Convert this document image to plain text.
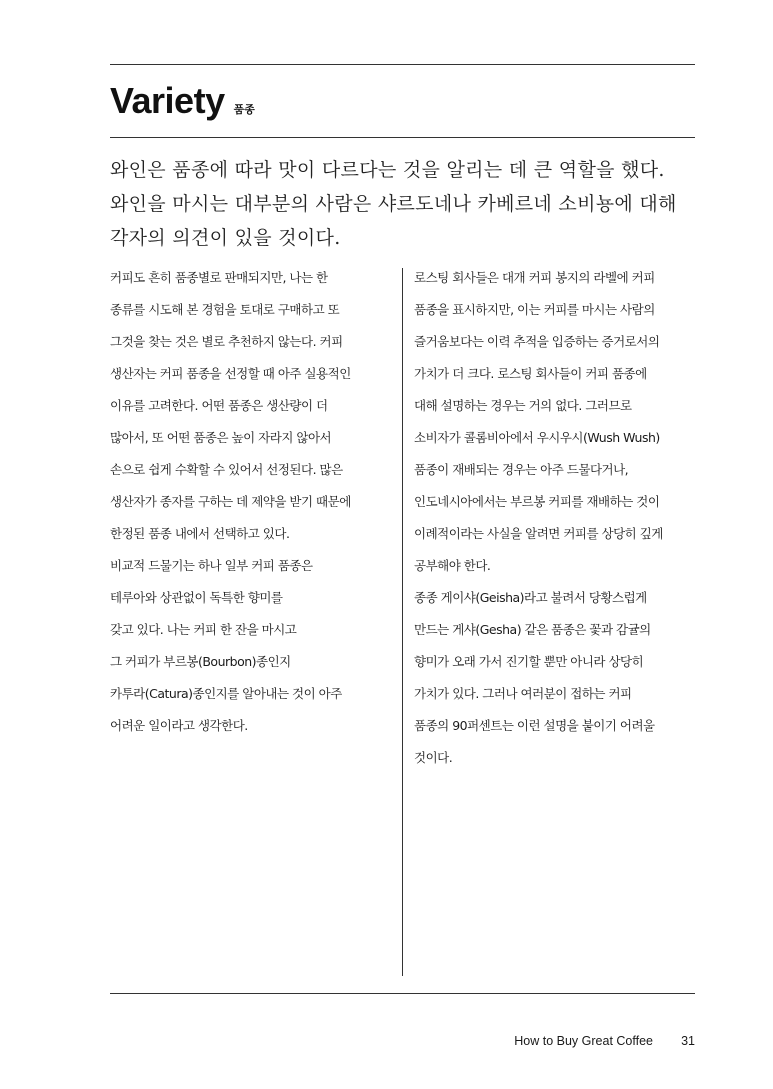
Variety 품종

와인은 품종에 따라 맛이 다르다는 것을 알리는 데 큰 역할을 했다.
와인을 마시는 대부분의 사람은 샤르도네나 카베르네 소비뇽에 대해
각자의 의견이 있을 것이다.

커피도 흔히 품종별로 판매되지만, 나는 한
종류를 시도해 본 경험을 토대로 구매하고 또
그것을 찾는 것은 별로 추천하지 않는다. 커피
생산자는 커피 품종을 선정할 때 아주 실용적인
이유를 고려한다. 어떤 품종은 생산량이 더
많아서, 또 어떤 품종은 높이 자라지 않아서
손으로 쉽게 수확할 수 있어서 선정된다. 많은
생산자가 종자를 구하는 데 제약을 받기 때문에
한정된 품종 내에서 선택하고 있다.
비교적 드물기는 하나 일부 커피 품종은
테루아와 상관없이 독특한 향미를
갖고 있다. 나는 커피 한 잔을 마시고
그 커피가 부르봉(Bourbon)종인지
카투라(Catura)종인지를 알아내는 것이 아주
어려운 일이라고 생각한다.
로스팅 회사들은 대개 커피 봉지의 라벨에 커피
품종을 표시하지만, 이는 커피를 마시는 사람의
즐거움보다는 이력 추적을 입증하는 증거로서의
가치가 더 크다. 로스팅 회사들이 커피 품종에
대해 설명하는 경우는 거의 없다. 그러므로
소비자가 콜롬비아에서 우시우시(Wush Wush)
품종이 재배되는 경우는 아주 드물다거나,
인도네시아에서는 부르봉 커피를 재배하는 것이
이례적이라는 사실을 알려면 커피를 상당히 깊게
공부해야 한다.
종종 게이샤(Geisha)라고 불려서 당황스럽게
만드는 게샤(Gesha) 같은 품종은 꽃과 감귤의
향미가 오래 가서 진기할 뿐만 아니라 상당히
가치가 있다. 그러나 여러분이 접하는 커피
품종의 90퍼센트는 이런 설명을 붙이기 어려울
것이다.
How to Buy Great Coffee 31
